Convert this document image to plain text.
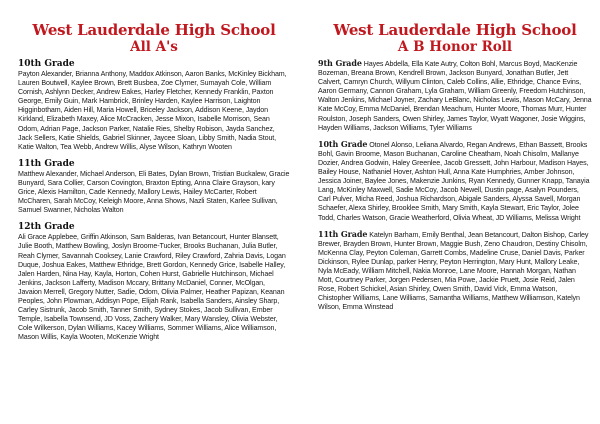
West Lauderdale High School
All A's

10th Grade

Payton Alexander, Brianna Anthony, Maddox Atkinson, Aaron Banks, McKinley Bickham, Lauren Boutwell, Kaylee Brown, Brett Busbea, Zoe Clymer, Sumayah Cole, William Cornish, Ashlynn Decker, Andrew Eakes, Harley Fletcher, Kennedy Franklin, Paxton George, Emily Guin, Mark Hambrick, Brinley Harden, Kaylee Harrison, Laighton Higginbotham, Aiden Hill, Maria Howell, Briceley Jackson, Addison Keene, Jaydon Kirkland, Elizabeth Maxey, Alice McCracken, Jesse Mixon, Isabelle Morrison, Sean Odom, Adrian Page, Jackson Parker, Natalie Ries, Shelby Robison, Jayda Sanchez, Jack Sellers, Katie Shields, Gabriel Skinner, Jaycee Sloan, Libby Smith, Nadia Stout, Katie Walton, Tea Webb, Andrew Willis, Alyse Wilson, Kathryn Wooten

11th Grade

Matthew Alexander, Michael Anderson, Eli Bates, Dylan Brown, Tristian Buckalew, Gracie Bunyard, Sara Collier, Carson Covington, Braxton Epting, Anna Claire Grayson, kary Grice, Alexis Hamilton, Cade Kennedy, Mallory Lewis, Hailey McCarter, Robert McCharen, Sarah McCoy, Keleigh Moore, Anna Shows, Nazli Staten, Karlee Sullivan, Samuel Swanner, Nicholas Walton

12th Grade

Ali Grace Applebee, Griffin Atkinson, Sam Balderas, Ivan Betancourt, Hunter Blansett, Julie Booth, Matthew Bowling, Joslyn Broome-Tucker, Brooks Buchanan, Julia Butler, Reah Clymer, Savannah Cooksey, Lanie Crawford, Riley Crawford, Zahria Davis, Logan Duque, Joshua Eakes, Matthew Ethridge, Brett Gordon, Kennedy Grice, Isabelle Halley, Jalen Harden, Nina Hay, Kayla, Horton, Cohen Hurst, Gabrielle Hutchinson, Michael Jenkins, Jackson Lafferty, Madison Mccary, Brittany McDaniel, Conner, McOlgan, Javaion Merrell, Gregory Nutter, Sadie, Odom, Olivia Palmer, Heather Papizan, Keanan Peoples, John Plowman, Addisyn Pope, Elijah Rank, Isabella Sanders, Ainsley Sharp, Carley Sistrunk, Jacob Smith, Tanner Smith, Sydney Stokes, Jacob Sullivan, Ember Temple, Isabella Townsend, JD Voss, Zachery Walker, Mary Wansley, Olivia Webster, Cole Wilkerson, Dylan Williams, Kacey Williams, Sommer Williams, Alice Williamson, Mason Willis, Kayla Wooten, McKenzie Wright

West Lauderdale High School
A B Honor Roll

9th Grade Hayes Abdella, Ella Kate Autry, Colton Bohl, Marcus Boyd, MacKenzie Bozeman, Breana Brown, Kendrell Brown, Jackson Bunyard, Jonathan Butler, Jett Calvert, Camryn Church, Willyum Clinton, Caleb Collins, Allie, Ethridge, Chance Evins, Aaron Germany, Cannon Graham, Lyla Graham, William Greenly, Freedom Hutchinson, Walton Jenkins, Michael Joyner, Zachary LeBlanc, Nicholas Lewis, Mason McCary, Jenna Kate McCoy, Emma McDaniel, Brendan Meachum, Hunter Moore, Thomas Murr, Hunter Roulston, Joseph Sanders, Owen Shirley, James Taylor, Wyatt Wagoner, Josie Wiggins, Hayden Williams, Jackson Williams, Tyler Williams

10th Grade Otonel Alonso, Leliana Alvardo, Regan Andrews, Ethan Bassett, Brooks Bohl, Gavin Broome, Mason Buchanan, Caroline Cheatham, Noah Chisolm, Mallanye Dozier, Andrea Godwin, Haley Greenlee, Jacob Gressett, John Harbour, Madison Hayes, Bailey House, Nathaniel Hover, Ashton Hull, Anna Kate Humphries, Amber Johnson, Jessica Joiner, Baylee Jones, Makenzie Junkins, Ryan Kennedy, Gunner Knapp, Tanayia Lang, McKinley Maxwell, Sadie McCoy, Jacob Newell, Dustin page, Asalyn Pounders, Carl Pulver, Micha Reed, Joshua Richardson, Abigale Sanders, Alyssa Savell, Morgan Schaefer, Alexa Shirley, Brooklee Smith, Mary Smith, Kayla Stewart, Eric Taylor, Jolee Todd, Charles Watson, Gracie Weatherford, Olivia Wheat, JD Williams, Melissa Wright

11th Grade Katelyn Barham, Emily Benthal, Jean Betancourt, Dalton Bishop, Carley Brewer, Brayden Brown, Hunter Brown, Maggie Bush, Zeno Chaudron, Destiny Chisolm, McKenna Clay, Peyton Coleman, Garrett Combs, Madeline Cruse, Daniel Davis, Parker Dickinson, Rylee Dunlap, parker Henry, Peyton Herrington, Mary Hunt, Mallory Leake, Nyla McEady, William Mitchell, Nakia Monroe, Lane Moore, Hannah Morgan, Nathan Mott, Courtney Parker, Jorgen Pedersen, Mia Powe, Jackie Pruett, Josie Reid, Jalen Rose, Robert Schickel, Asian Shirley, Owen Smith, David Vick, Emma Watson, Chistopher Williams, Lane Williams, Samantha Williams, Matthew Williamson, Katelyn Wilson, Emma Winstead
